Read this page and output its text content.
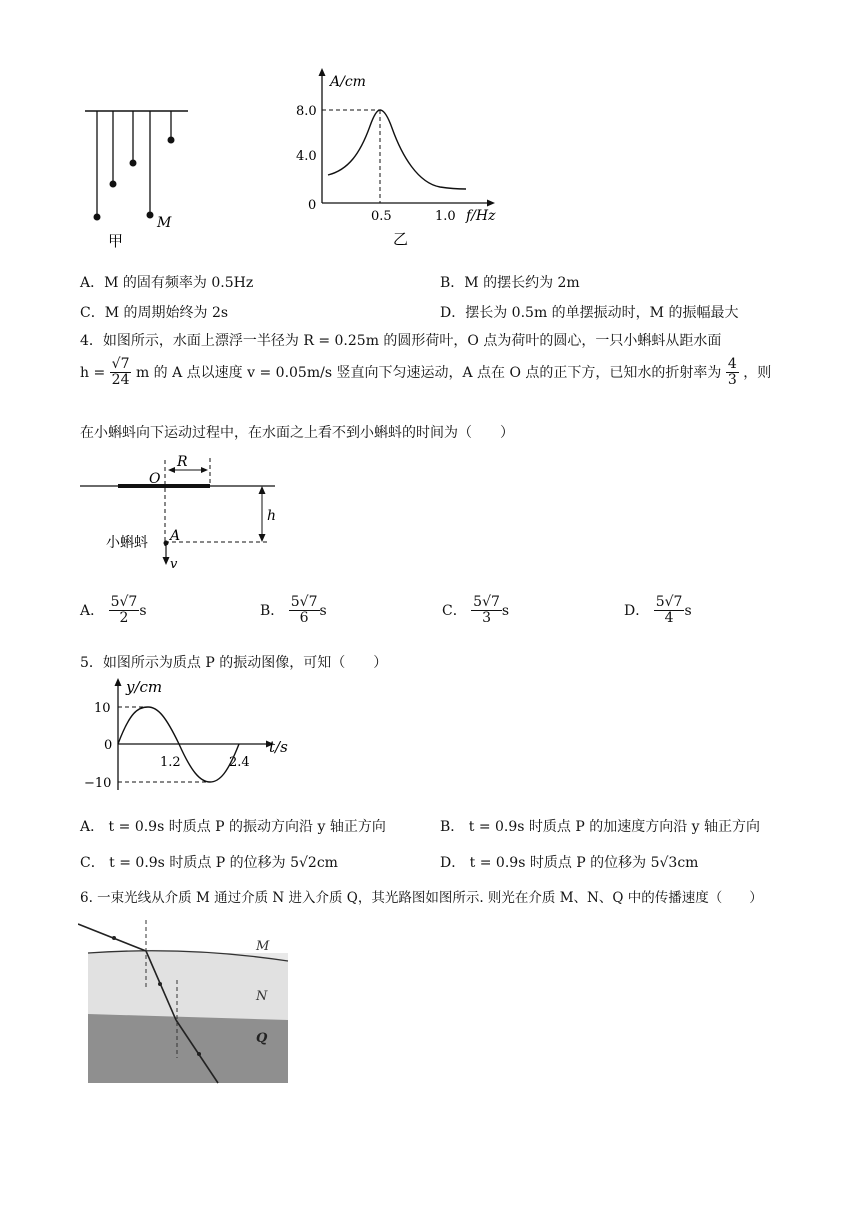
M
甲
A/cm
f/Hz
8.0
4.0
0
0.5	1.0
乙
A．M 的固有频率为 0.5Hz	B．M 的摆长约为 2m
C．M 的周期始终为 2s	D．摆长为 0.5m 的单摆振动时，M 的振幅最大
4．如图所示，水面上漂浮一半径为 R = 0.25m 的圆形荷叶，O 点为荷叶的圆心，一只小蝌蚪从距水面
$h = \frac{√7}{24}$ m 的 A 点以速度 v = 0.05m/s 竖直向下匀速运动，A 点在 O 点的正下方，已知水的折射率为 $\frac{4}{3}$ ，则
在小蝌蚪向下运动过程中，在水面之上看不到小蝌蚪的时间为（　　）
R
O
h
A
v
小蝌蚪
A． $\frac{5√7}{2}$ s	B． $\frac{5√7}{6}$ s	C． $\frac{5√7}{3}$ s	D． $\frac{5√7}{4}$ s
5．如图所示为质点 P 的振动图像，可知（　　）
y/cm
t/s
10
0
−10
1.2	2.4
A． t = 0.9s 时质点 P 的振动方向沿 y 轴正方向	B． t = 0.9s 时质点 P 的加速度方向沿 y 轴正方向
C． t = 0.9s 时质点 P 的位移为 5√2cm	D． t = 0.9s 时质点 P 的位移为 5√3cm
6. 一束光线从介质 M 通过介质 N 进入介质 Q，其光路图如图所示. 则光在介质 M、N、Q 中的传播速度（　　）
M
N
Q
